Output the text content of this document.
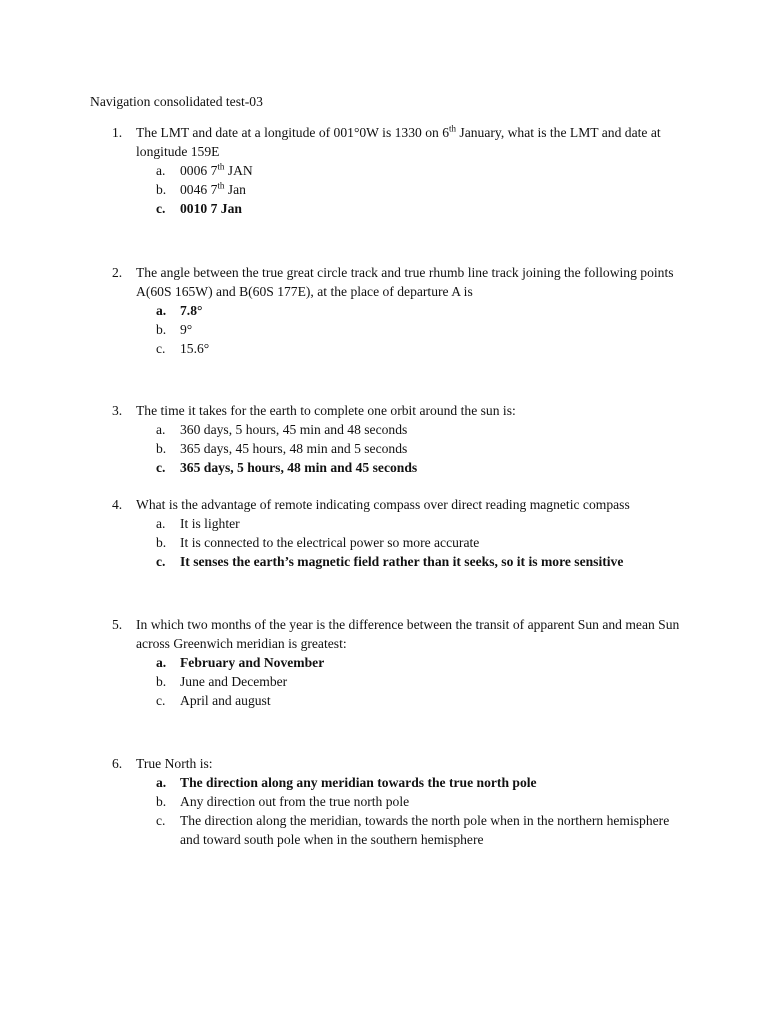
Navigation consolidated test-03
1. The LMT and date at a longitude of 001°0W is 1330 on 6th January, what is the LMT and date at longitude 159E
a. 0006 7th JAN
b. 0046 7th Jan
c. 0010 7 Jan
2. The angle between the true great circle track and true rhumb line track joining the following points A(60S 165W) and B(60S 177E), at the place of departure A is
a. 7.8°
b. 9°
c. 15.6°
3. The time it takes for the earth to complete one orbit around the sun is:
a. 360 days, 5 hours, 45 min and 48 seconds
b. 365 days, 45 hours, 48 min and 5 seconds
c. 365 days, 5 hours, 48 min and 45 seconds
4. What is the advantage of remote indicating compass over direct reading magnetic compass
a. It is lighter
b. It is connected to the electrical power so more accurate
c. It senses the earth’s magnetic field rather than it seeks, so it is more sensitive
5. In which two months of the year is the difference between the transit of apparent Sun and mean Sun across Greenwich meridian is greatest:
a. February and November
b. June and December
c. April and august
6. True North is:
a. The direction along any meridian towards the true north pole
b. Any direction out from the true north pole
c. The direction along the meridian, towards the north pole when in the northern hemisphere and toward south pole when in the southern hemisphere
